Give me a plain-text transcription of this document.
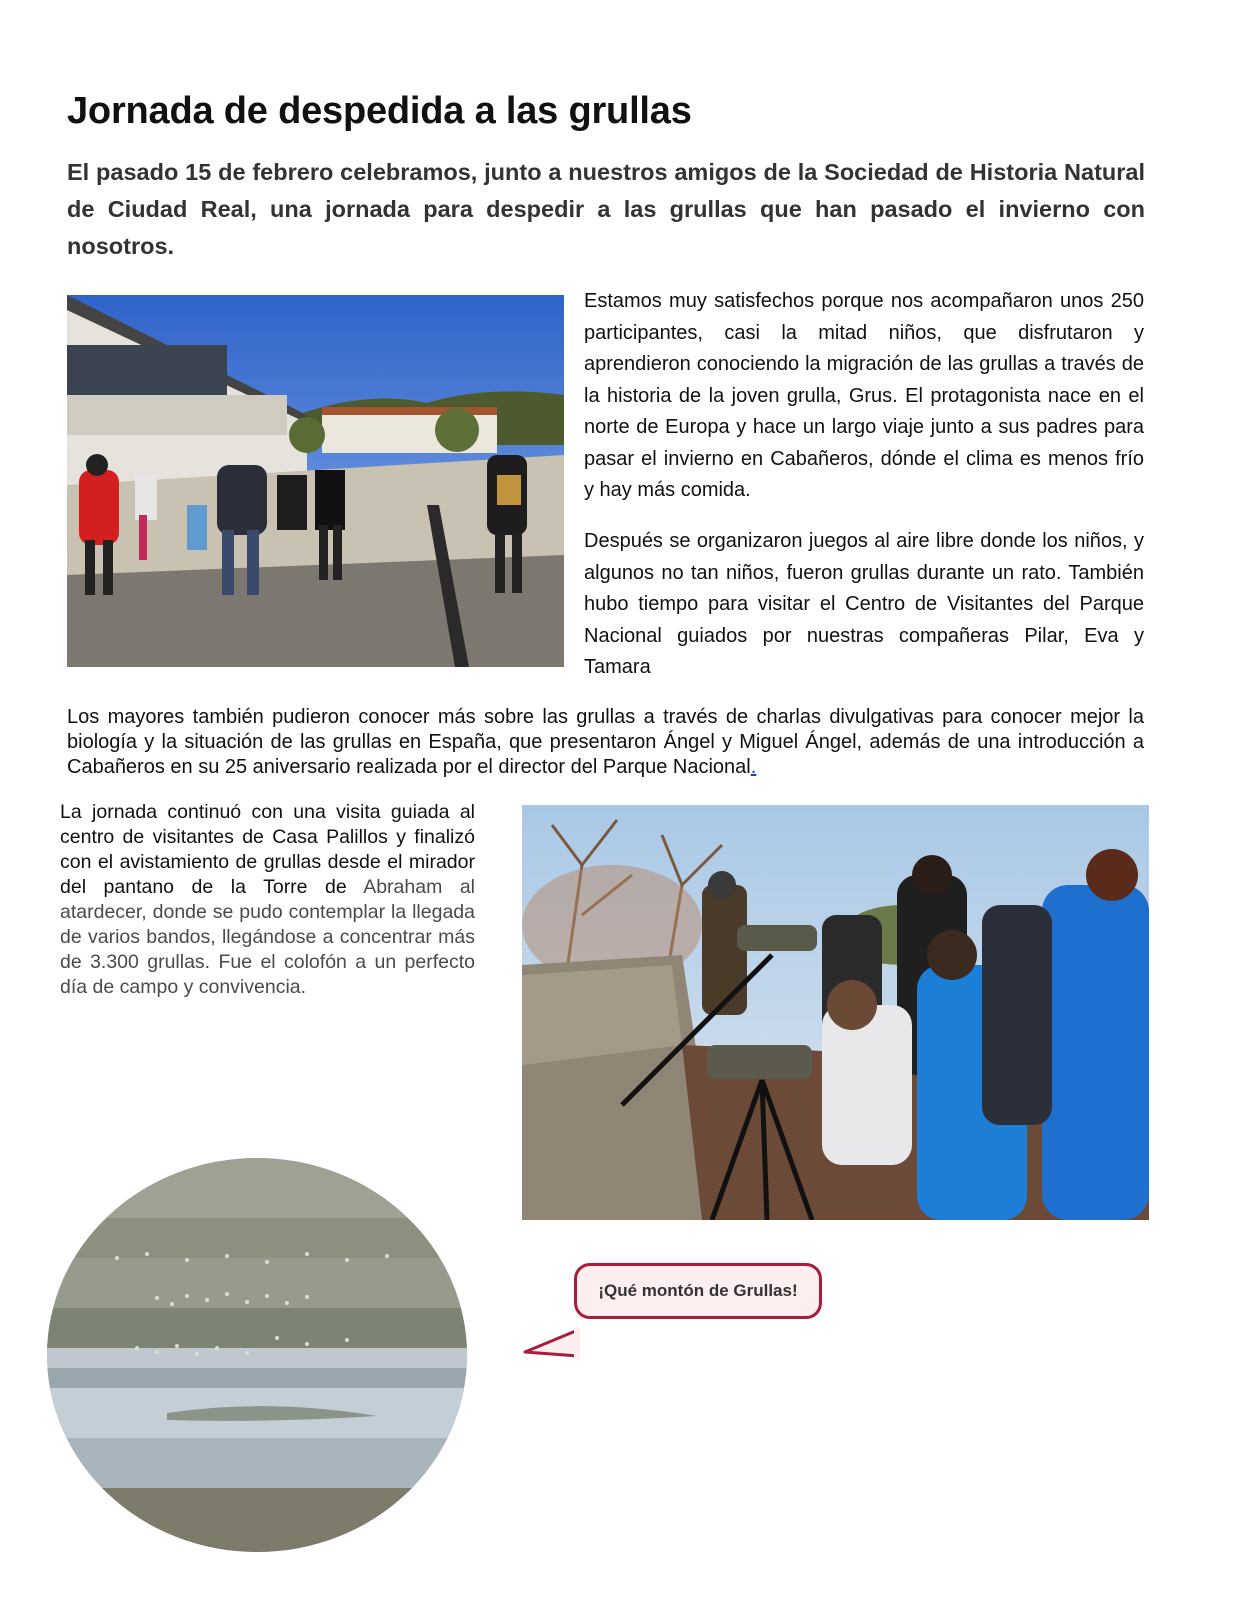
Jornada de despedida a las grullas
El pasado 15 de febrero celebramos, junto a nuestros amigos de la Sociedad de Historia Natural de Ciudad Real, una jornada para despedir a las grullas que han pasado el invierno con nosotros.
Estamos muy satisfechos porque nos acompañaron unos 250 participantes, casi la mitad niños, que disfrutaron y aprendieron conociendo la migración de las grullas a través de la historia de la joven grulla, Grus. El protagonista nace en el norte de Europa y hace un largo viaje junto a sus padres para pasar el invierno en Cabañeros, dónde el clima es menos frío y hay más comida.
Después se organizaron juegos al aire libre donde los niños, y algunos no tan niños, fueron grullas durante un rato. También hubo tiempo para visitar el Centro de Visitantes del Parque Nacional guiados por nuestras compañeras Pilar, Eva y Tamara
Los mayores también pudieron conocer más sobre las grullas a través de charlas divulgativas para conocer mejor la biología y la situación de las grullas en España, que presentaron Ángel y Miguel Ángel, además de una introducción a Cabañeros en su 25 aniversario realizada por el director del Parque Nacional.
La jornada continuó con una visita guiada al centro de visitantes de Casa Palillos y finalizó con el avistamiento de grullas desde el mirador del pantano de la Torre de Abraham al atardecer, donde se pudo contemplar la llegada de varios bandos, llegándose a concentrar más de 3.300 grullas. Fue el colofón a un perfecto día de campo y convivencia.
¡Qué montón de Grullas!
